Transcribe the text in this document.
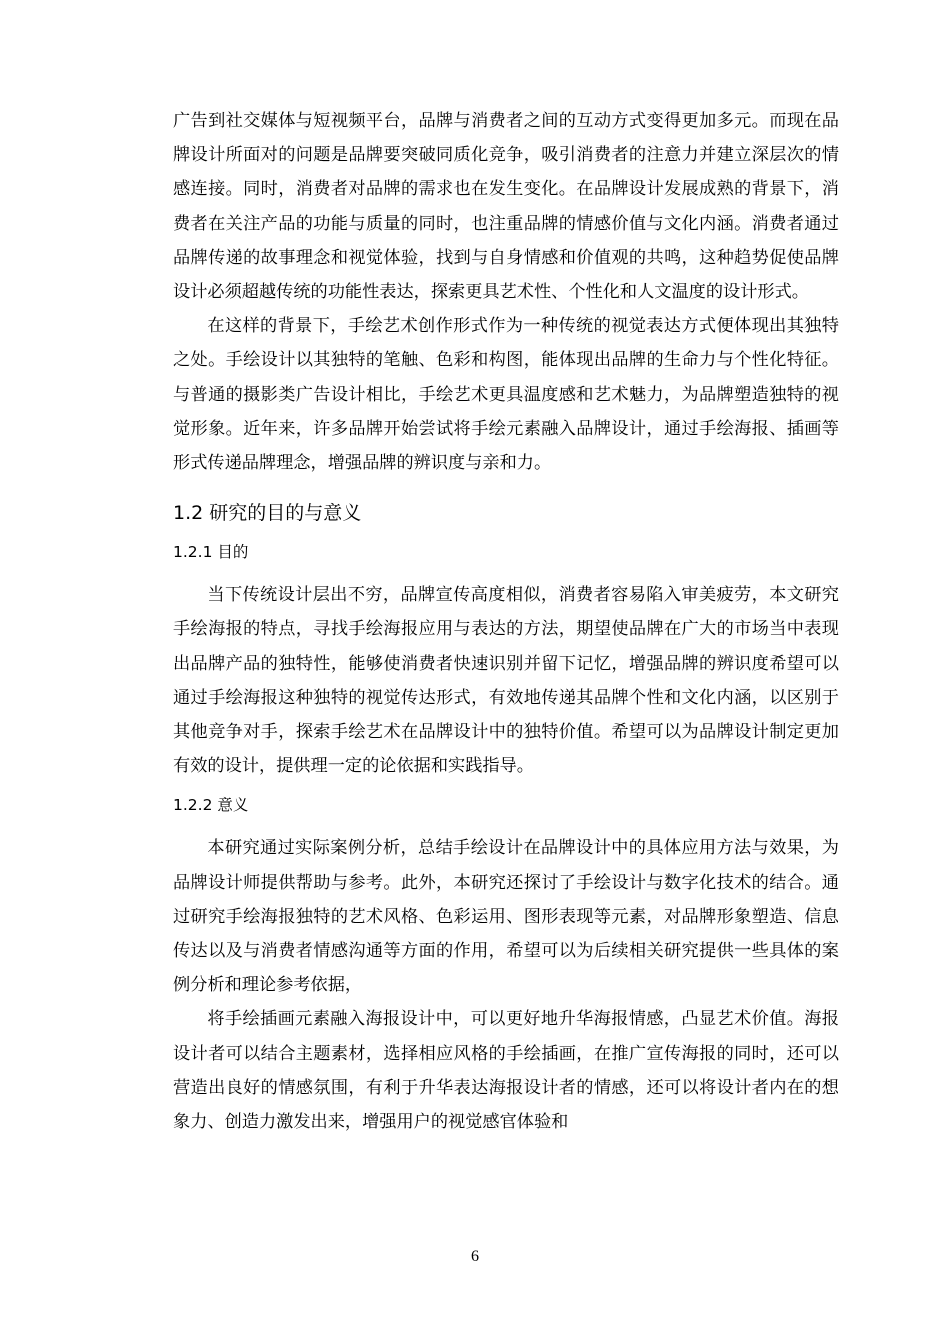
广告到社交媒体与短视频平台，品牌与消费者之间的互动方式变得更加多元。而现在品牌设计所面对的问题是品牌要突破同质化竞争，吸引消费者的注意力并建立深层次的情感连接。同时，消费者对品牌的需求也在发生变化。在品牌设计发展成熟的背景下，消费者在关注产品的功能与质量的同时，也注重品牌的情感价值与文化内涵。消费者通过品牌传递的故事理念和视觉体验，找到与自身情感和价值观的共鸣，这种趋势促使品牌设计必须超越传统的功能性表达，探索更具艺术性、个性化和人文温度的设计形式。

在这样的背景下，手绘艺术创作形式作为一种传统的视觉表达方式便体现出其独特之处。手绘设计以其独特的笔触、色彩和构图，能体现出品牌的生命力与个性化特征。与普通的摄影类广告设计相比，手绘艺术更具温度感和艺术魅力，为品牌塑造独特的视觉形象。近年来，许多品牌开始尝试将手绘元素融入品牌设计，通过手绘海报、插画等形式传递品牌理念，增强品牌的辨识度与亲和力。

1.2 研究的目的与意义
1.2.1 目的

当下传统设计层出不穷，品牌宣传高度相似，消费者容易陷入审美疲劳，本文研究手绘海报的特点，寻找手绘海报应用与表达的方法，期望使品牌在广大的市场当中表现出品牌产品的独特性，能够使消费者快速识别并留下记忆，增强品牌的辨识度希望可以通过手绘海报这种独特的视觉传达形式，有效地传递其品牌个性和文化内涵，以区别于其他竞争对手，探索手绘艺术在品牌设计中的独特价值。希望可以为品牌设计制定更加有效的设计，提供理一定的论依据和实践指导。

1.2.2 意义

本研究通过实际案例分析，总结手绘设计在品牌设计中的具体应用方法与效果，为品牌设计师提供帮助与参考。此外，本研究还探讨了手绘设计与数字化技术的结合。通过研究手绘海报独特的艺术风格、色彩运用、图形表现等元素，对品牌形象塑造、信息传达以及与消费者情感沟通等方面的作用，希望可以为后续相关研究提供一些具体的案例分析和理论参考依据，

将手绘插画元素融入海报设计中，可以更好地升华海报情感，凸显艺术价值。海报设计者可以结合主题素材，选择相应风格的手绘插画，在推广宣传海报的同时，还可以营造出良好的情感氛围，有利于升华表达海报设计者的情感，还可以将设计者内在的想象力、创造力激发出来，增强用户的视觉感官体验和

6
